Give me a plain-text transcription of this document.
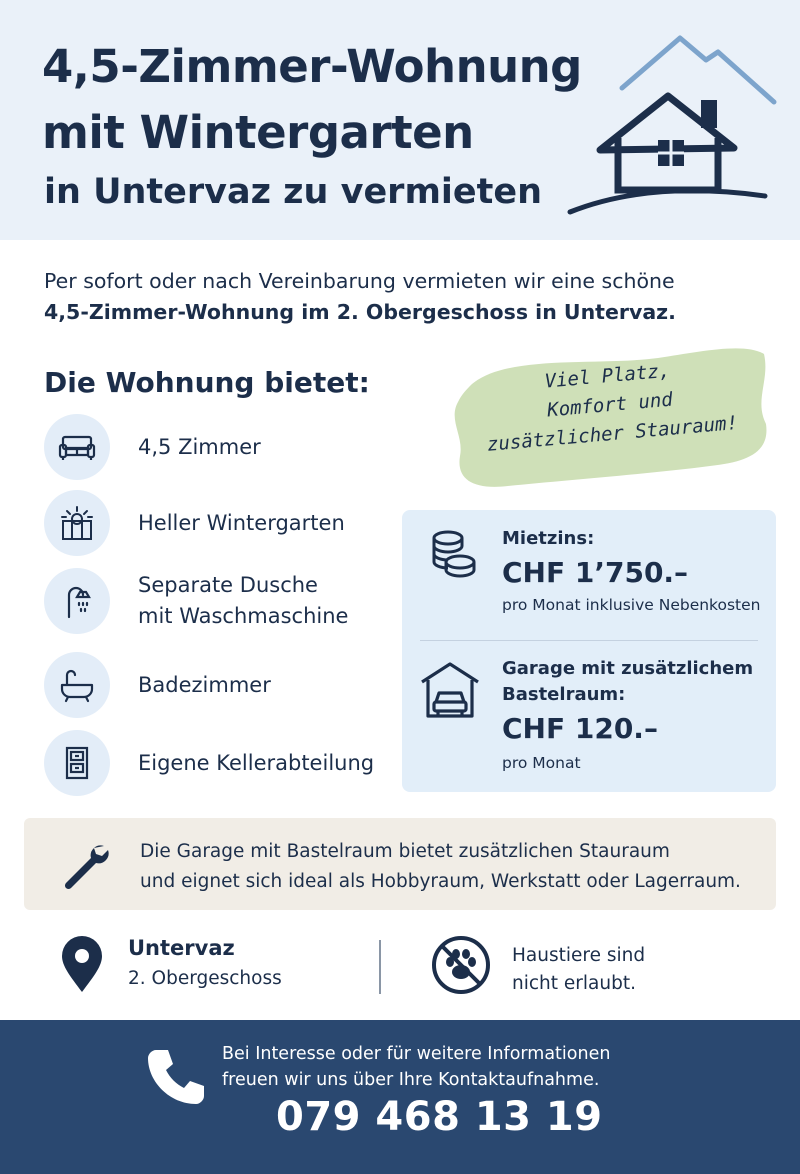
4,5-Zimmer-Wohnung
mit Wintergarten
in Untervaz zu vermieten
Per sofort oder nach Vereinbarung vermieten wir eine schöne
4,5-Zimmer-Wohnung im 2. Obergeschoss in Untervaz.
Die Wohnung bietet:
4,5 Zimmer
Heller Wintergarten
Separate Dusche
mit Waschmaschine
Badezimmer
Eigene Kellerabteilung
Viel Platz,
Komfort und
zusätzlicher Stauraum!
Mietzins:
CHF 1’750.–
pro Monat inklusive Nebenkosten
Garage mit zusätzlichem
Bastelraum:
CHF 120.–
pro Monat
Die Garage mit Bastelraum bietet zusätzlichen Stauraum
und eignet sich ideal als Hobbyraum, Werkstatt oder Lagerraum.
Untervaz
2. Obergeschoss
Haustiere sind
nicht erlaubt.
Bei Interesse oder für weitere Informationen
freuen wir uns über Ihre Kontaktaufnahme.
079 468 13 19
